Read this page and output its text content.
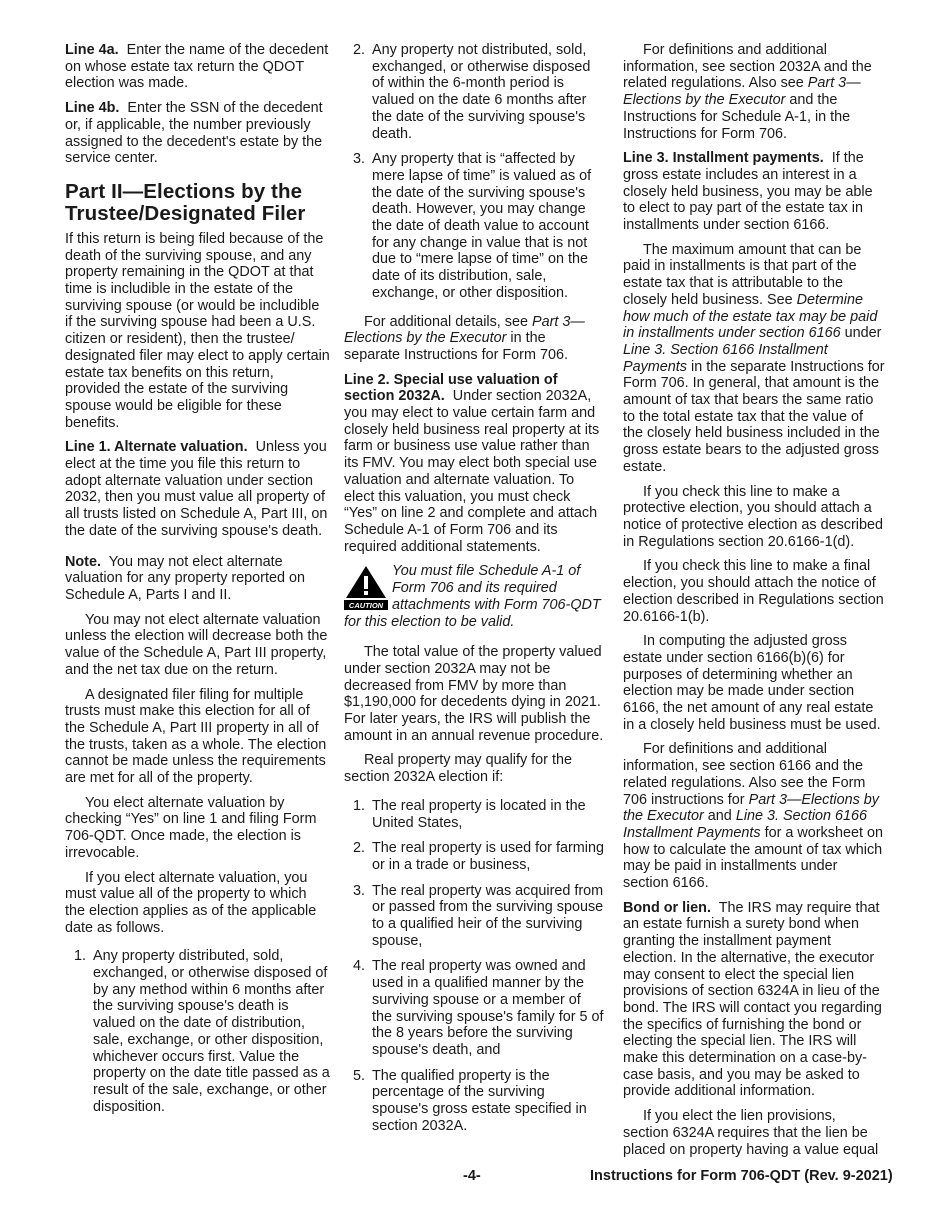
Line 4a. Enter the name of the decedent on whose estate tax return the QDOT election was made.

Line 4b. Enter the SSN of the decedent or, if applicable, the number previously assigned to the decedent's estate by the service center.

Part II—Elections by the Trustee/Designated Filer

If this return is being filed because of the death of the surviving spouse, and any property remaining in the QDOT at that time is includible in the estate of the surviving spouse (or would be includible if the surviving spouse had been a U.S. citizen or resident), then the trustee/ designated filer may elect to apply certain estate tax benefits on this return, provided the estate of the surviving spouse would be eligible for these benefits.

Line 1. Alternate valuation. Unless you elect at the time you file this return to adopt alternate valuation under section 2032, then you must value all property of all trusts listed on Schedule A, Part III, on the date of the surviving spouse's death.

Note. You may not elect alternate valuation for any property reported on Schedule A, Parts I and II.

You may not elect alternate valuation unless the election will decrease both the value of the Schedule A, Part III property, and the net tax due on the return.

A designated filer filing for multiple trusts must make this election for all of the Schedule A, Part III property in all of the trusts, taken as a whole. The election cannot be made unless the requirements are met for all of the property.

You elect alternate valuation by checking “Yes” on line 1 and filing Form 706-QDT. Once made, the election is irrevocable.

If you elect alternate valuation, you must value all of the property to which the election applies as of the applicable date as follows.

1. Any property distributed, sold, exchanged, or otherwise disposed of by any method within 6 months after the surviving spouse's death is valued on the date of distribution, sale, exchange, or other disposition, whichever occurs first. Value the property on the date title passed as a result of the sale, exchange, or other disposition.
2. Any property not distributed, sold, exchanged, or otherwise disposed of within the 6-month period is valued on the date 6 months after the date of the surviving spouse's death.
3. Any property that is “affected by mere lapse of time” is valued as of the date of the surviving spouse's death. However, you may change the date of death value to account for any change in value that is not due to “mere lapse of time” on the date of its distribution, sale, exchange, or other disposition.

For additional details, see Part 3—Elections by the Executor in the separate Instructions for Form 706.

Line 2. Special use valuation of section 2032A. Under section 2032A, you may elect to value certain farm and closely held business real property at its farm or business use value rather than its FMV. You may elect both special use valuation and alternate valuation. To elect this valuation, you must check “Yes” on line 2 and complete and attach Schedule A-1 of Form 706 and its required additional statements.

CAUTION
You must file Schedule A-1 of Form 706 and its required attachments with Form 706-QDT for this election to be valid.

The total value of the property valued under section 2032A may not be decreased from FMV by more than $1,190,000 for decedents dying in 2021. For later years, the IRS will publish the amount in an annual revenue procedure.

Real property may qualify for the section 2032A election if:

1. The real property is located in the United States,
2. The real property is used for farming or in a trade or business,
3. The real property was acquired from or passed from the surviving spouse to a qualified heir of the surviving spouse,
4. The real property was owned and used in a qualified manner by the surviving spouse or a member of the surviving spouse's family for 5 of the 8 years before the surviving spouse's death, and
5. The qualified property is the percentage of the surviving spouse's gross estate specified in section 2032A.

For definitions and additional information, see section 2032A and the related regulations. Also see Part 3—Elections by the Executor and the Instructions for Schedule A-1, in the Instructions for Form 706.

Line 3. Installment payments. If the gross estate includes an interest in a closely held business, you may be able to elect to pay part of the estate tax in installments under section 6166.

The maximum amount that can be paid in installments is that part of the estate tax that is attributable to the closely held business. See Determine how much of the estate tax may be paid in installments under section 6166 under Line 3. Section 6166 Installment Payments in the separate Instructions for Form 706. In general, that amount is the amount of tax that bears the same ratio to the total estate tax that the value of the closely held business included in the gross estate bears to the adjusted gross estate.

If you check this line to make a protective election, you should attach a notice of protective election as described in Regulations section 20.6166-1(d).

If you check this line to make a final election, you should attach the notice of election described in Regulations section 20.6166-1(b).

In computing the adjusted gross estate under section 6166(b)(6) for purposes of determining whether an election may be made under section 6166, the net amount of any real estate in a closely held business must be used.

For definitions and additional information, see section 6166 and the related regulations. Also see the Form 706 instructions for Part 3—Elections by the Executor and Line 3. Section 6166 Installment Payments for a worksheet on how to calculate the amount of tax which may be paid in installments under section 6166.

Bond or lien. The IRS may require that an estate furnish a surety bond when granting the installment payment election. In the alternative, the executor may consent to elect the special lien provisions of section 6324A in lieu of the bond. The IRS will contact you regarding the specifics of furnishing the bond or electing the special lien. The IRS will make this determination on a case-by-case basis, and you may be asked to provide additional information.

If you elect the lien provisions, section 6324A requires that the lien be placed on property having a value equal

-4-	Instructions for Form 706-QDT (Rev. 9-2021)
